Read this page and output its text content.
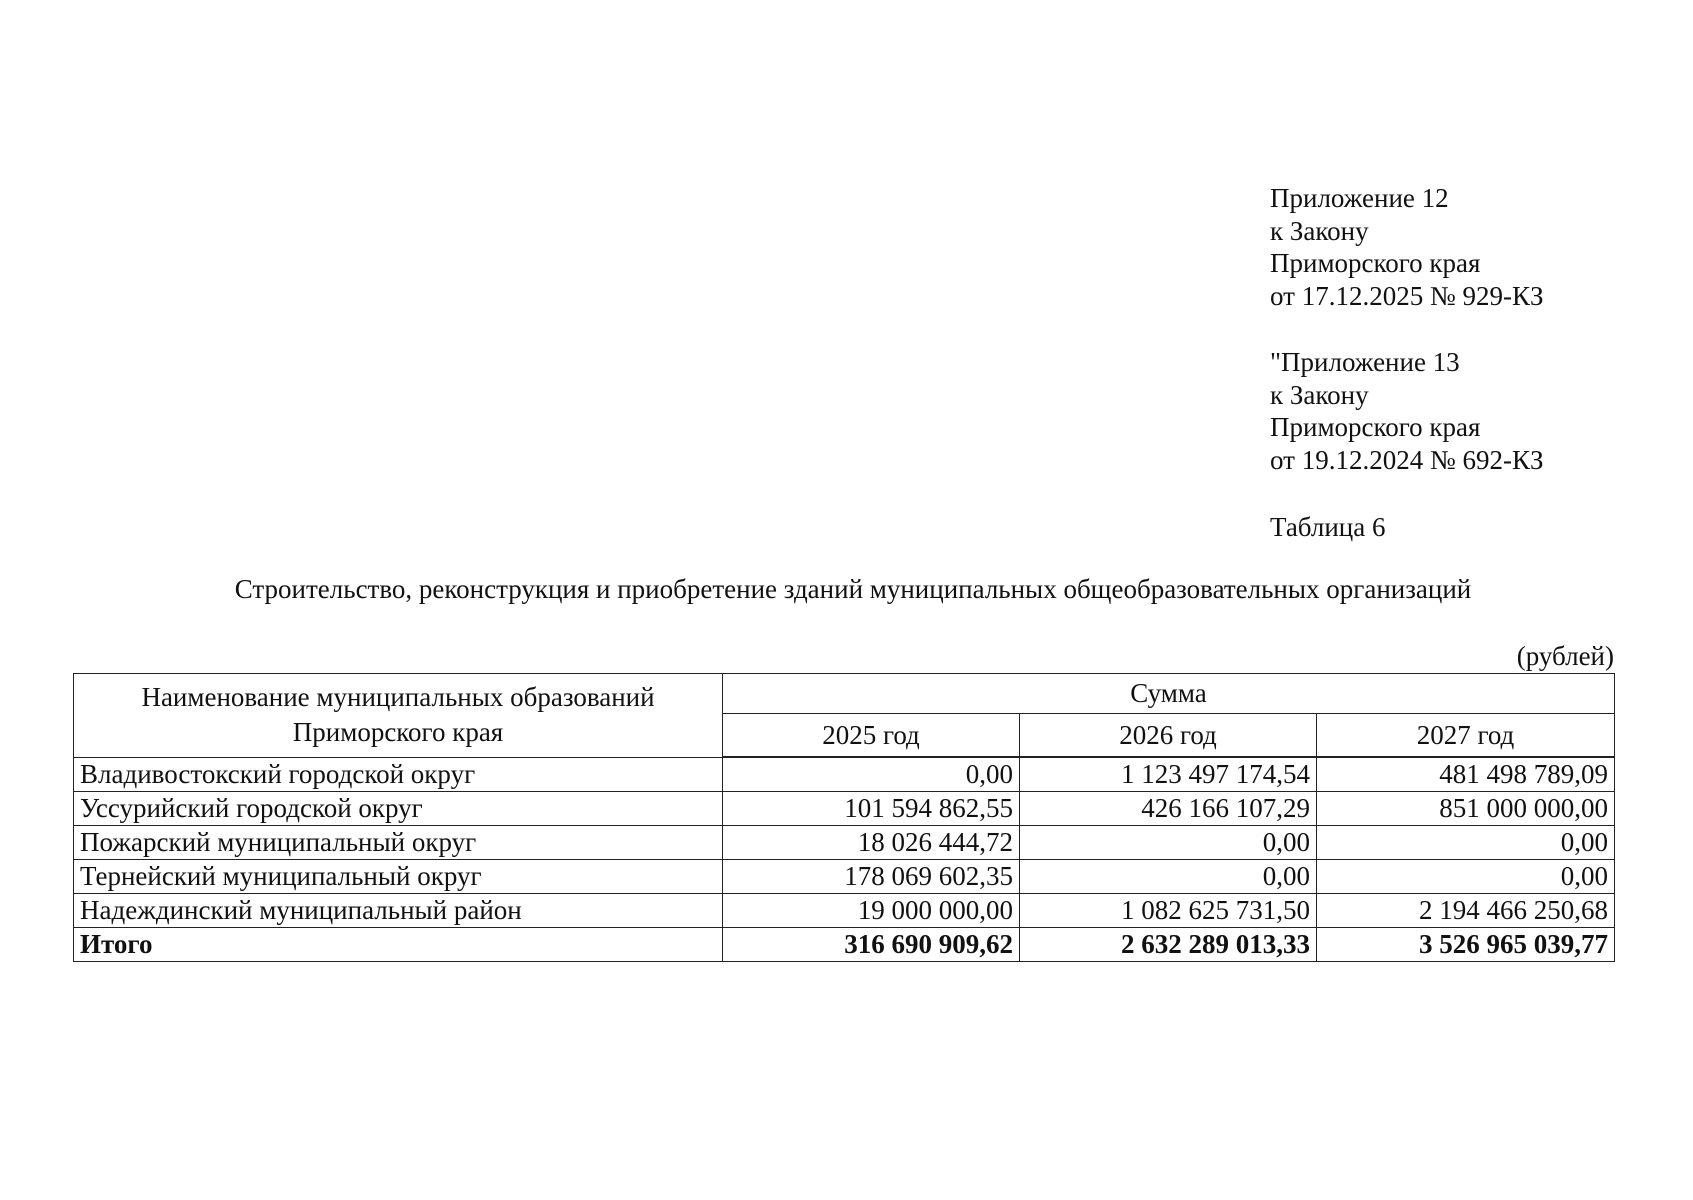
Приложение 12
к Закону
Приморского края
от 17.12.2025 № 929-КЗ
"Приложение 13
к Закону
Приморского края
от 19.12.2024 № 692-КЗ
Таблица 6
Строительство, реконструкция и приобретение зданий муниципальных общеобразовательных организаций
(рублей)
Наименование муниципальных образований
Приморского края	Сумма		
	2025 год	2026 год	2027 год
Владивостокский городской округ	0,00	1 123 497 174,54	481 498 789,09
Уссурийский городской округ	101 594 862,55	426 166 107,29	851 000 000,00
Пожарский муниципальный округ	18 026 444,72	0,00	0,00
Тернейский муниципальный округ	178 069 602,35	0,00	0,00
Надеждинский муниципальный район	19 000 000,00	1 082 625 731,50	2 194 466 250,68
Итого	316 690 909,62	2 632 289 013,33	3 526 965 039,77
